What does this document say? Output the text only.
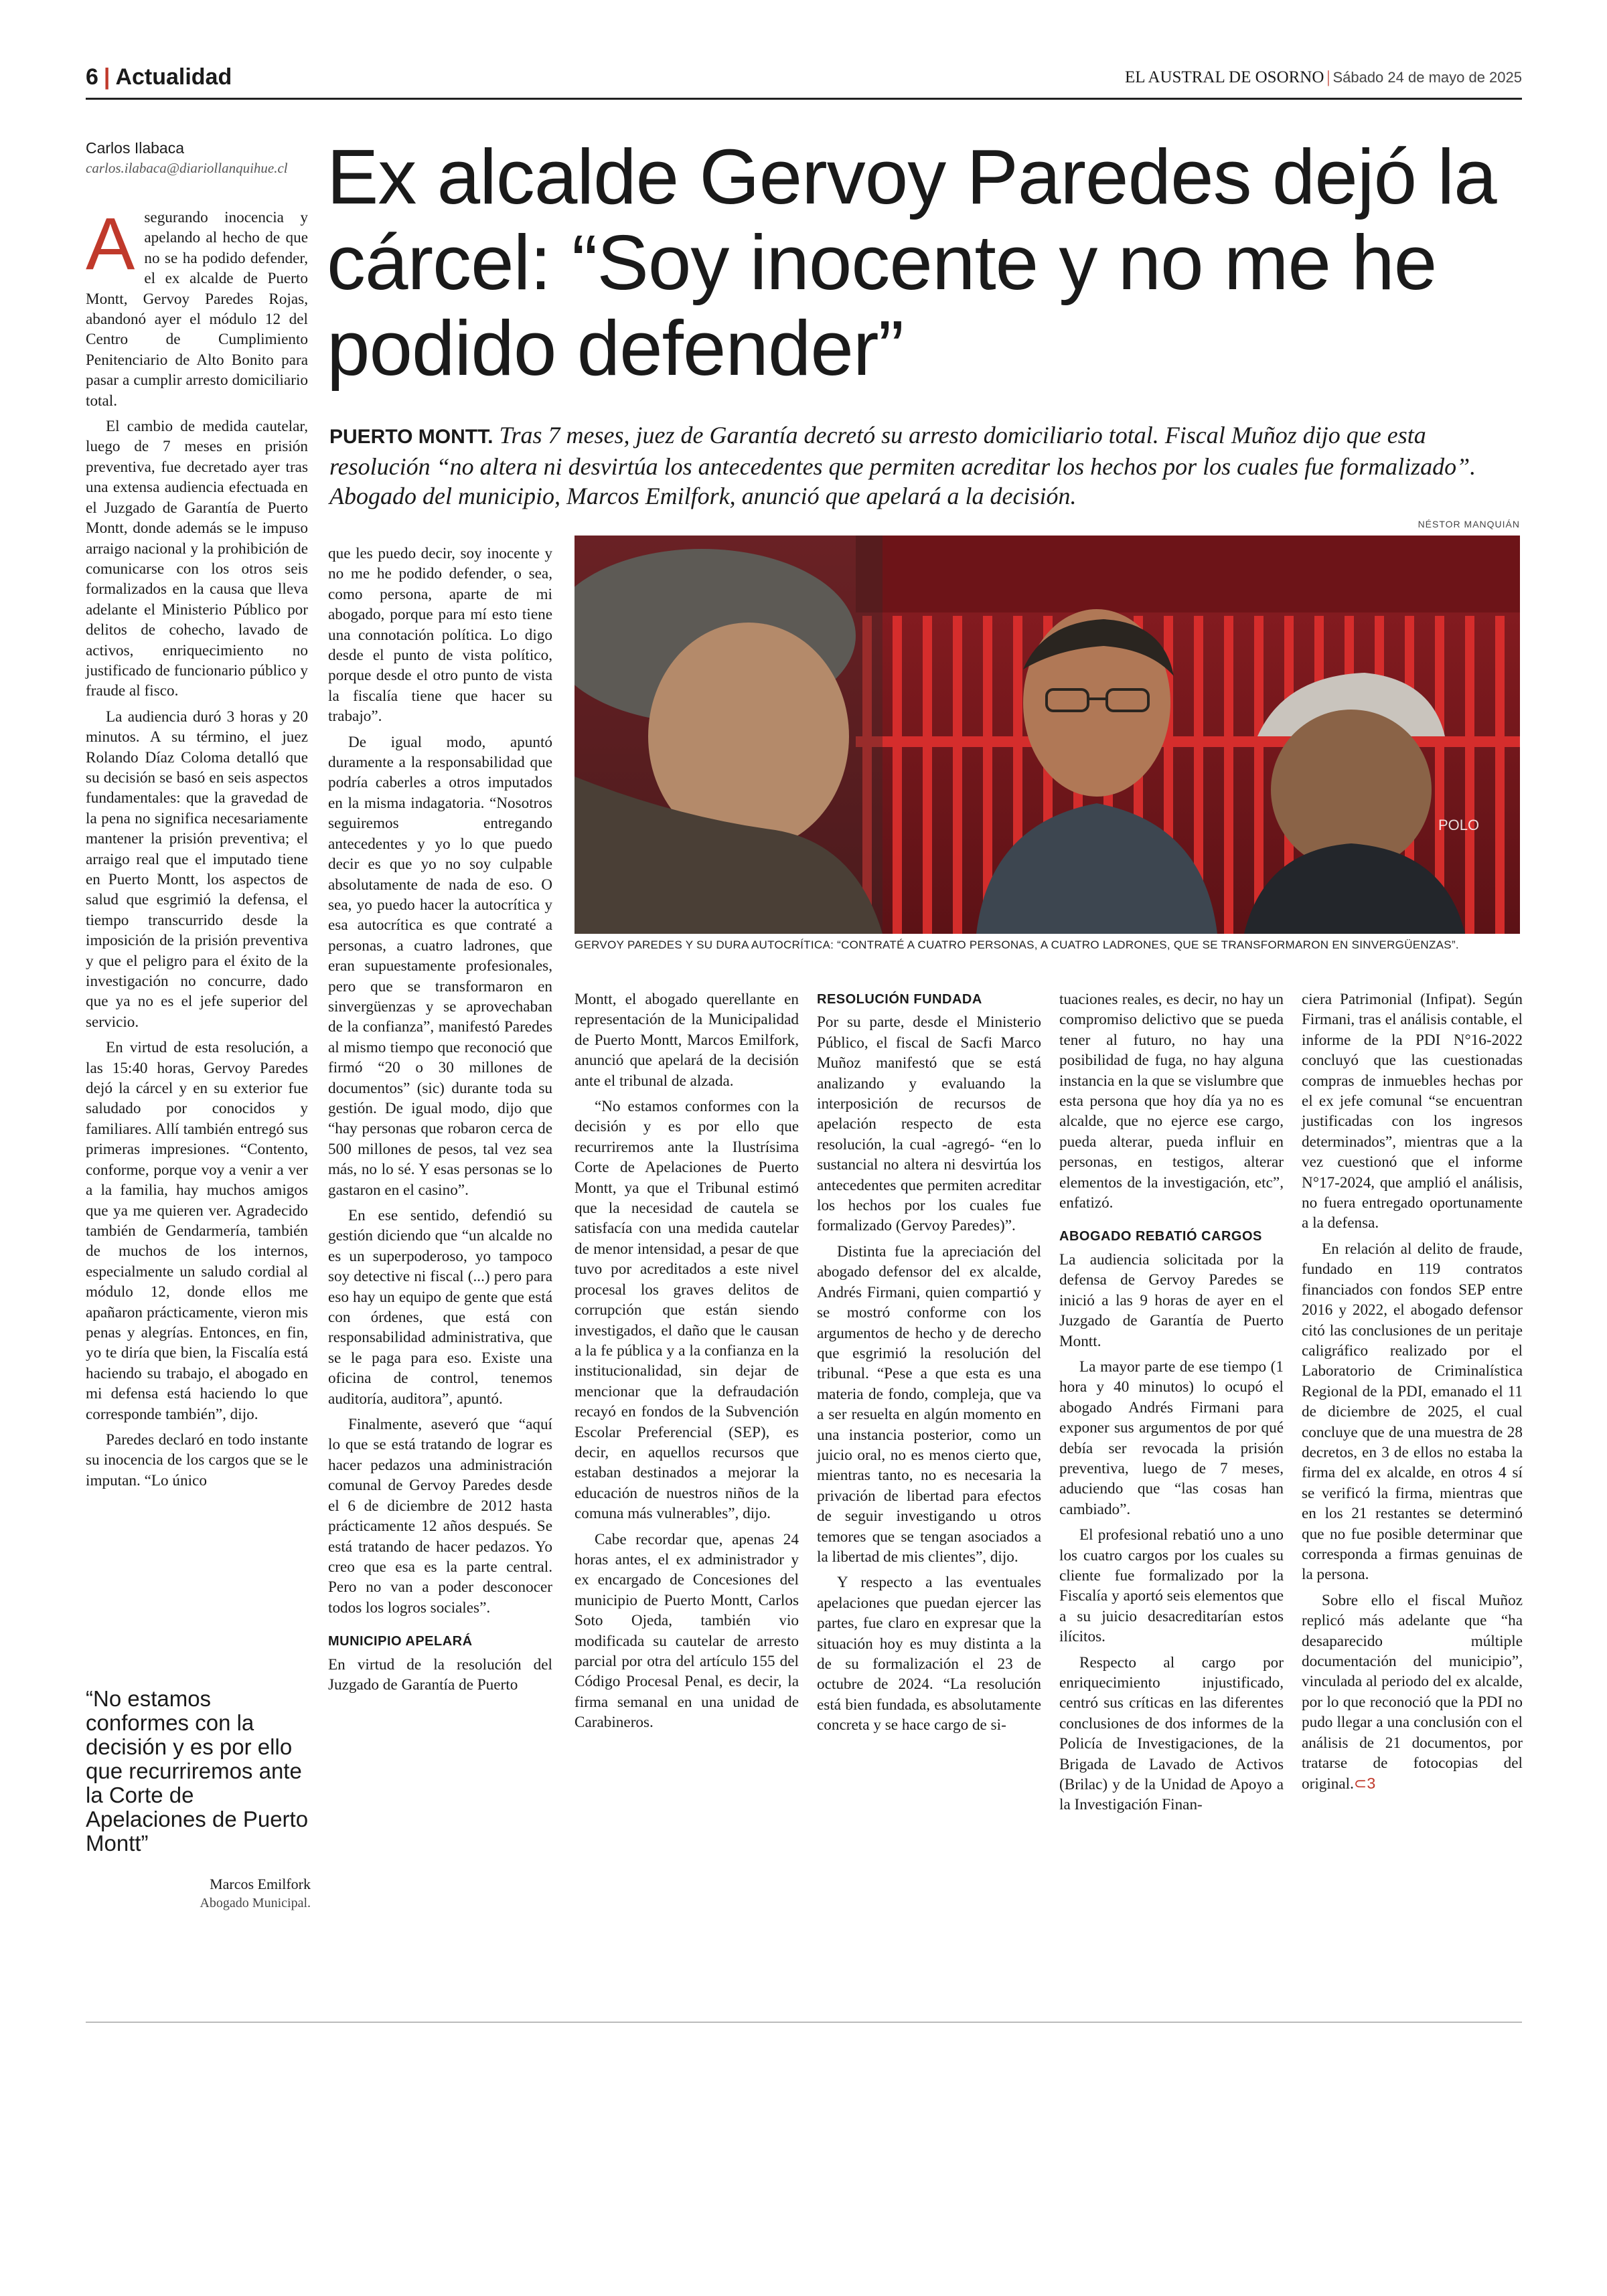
6 | Actualidad	EL AUSTRAL DE OSORNO | Sábado 24 de mayo de 2025
Carlos Ilabaca
carlos.ilabaca@diariollanquihue.cl Ex alcalde Gervoy Paredes dejó la cárcel: “Soy inocente y no me he podido defender”

PUERTO MONTT. Tras 7 meses, juez de Garantía decretó su arresto domiciliario total. Fiscal Muñoz dijo que esta resolución “no altera ni desvirtúa los antecedentes que permiten acreditar los hechos por los cuales fue formalizado”. Abogado del municipio, Marcos Emilfork, anunció que apelará a la decisión.

NÉSTOR MANQUIÁN
POLO
GERVOY PAREDES Y SU DURA AUTOCRÍTICA: “CONTRATÉ A CUATRO PERSONAS, A CUATRO LADRONES, QUE SE TRANSFORMARON EN SINVERGÜENZAS”.

Asegurando inocencia y apelando al hecho de que no se ha podido defender, el ex alcalde de Puerto Montt, Gervoy Paredes Rojas, abandonó ayer el módulo 12 del Centro de Cumplimiento Penitenciario de Alto Bonito para pasar a cumplir arresto domiciliario total.

El cambio de medida cautelar, luego de 7 meses en prisión preventiva, fue decretado ayer tras una extensa audiencia efectuada en el Juzgado de Garantía de Puerto Montt, donde además se le impuso arraigo nacional y la prohibición de comunicarse con los otros seis formalizados en la causa que lleva adelante el Ministerio Público por delitos de cohecho, lavado de activos, enriquecimiento no justificado de funcionario público y fraude al fisco.

La audiencia duró 3 horas y 20 minutos. A su término, el juez Rolando Díaz Coloma detalló que su decisión se basó en seis aspectos fundamentales: que la gravedad de la pena no significa necesariamente mantener la prisión preventiva; el arraigo real que el imputado tiene en Puerto Montt, los aspectos de salud que esgrimió la defensa, el tiempo transcurrido desde la imposición de la prisión preventiva y que el peligro para el éxito de la investigación no concurre, dado que ya no es el jefe superior del servicio.

En virtud de esta resolución, a las 15:40 horas, Gervoy Paredes dejó la cárcel y en su exterior fue saludado por conocidos y familiares. Allí también entregó sus primeras impresiones. “Contento, conforme, porque voy a venir a ver a la familia, hay muchos amigos que ya me quieren ver. Agradecido también de Gendarmería, también de muchos de los internos, especialmente un saludo cordial al módulo 12, donde ellos me apañaron prácticamente, vieron mis penas y alegrías. Entonces, en fin, yo te diría que bien, la Fiscalía está haciendo su trabajo, el abogado en mi defensa está haciendo lo que corresponde también”, dijo.

Paredes declaró en todo instante su inocencia de los cargos que se le imputan. “Lo único

“No estamos conformes con la decisión y es por ello que recurriremos ante la Corte de Apelaciones de Puerto Montt”
Marcos Emilfork
Abogado Municipal.

que les puedo decir, soy inocente y no me he podido defender, o sea, como persona, aparte de mi abogado, porque para mí esto tiene una connotación política. Lo digo desde el punto de vista político, porque desde el otro punto de vista la fiscalía tiene que hacer su trabajo”.

De igual modo, apuntó duramente a la responsabilidad que podría caberles a otros imputados en la misma indagatoria. “Nosotros seguiremos entregando antecedentes y yo lo que puedo decir es que yo no soy culpable absolutamente de nada de eso. O sea, yo puedo hacer la autocrítica y esa autocrítica es que contraté a personas, a cuatro ladrones, que eran supuestamente profesionales, pero que se transformaron en sinvergüenzas y se aprovechaban de la confianza”, manifestó Paredes al mismo tiempo que reconoció que firmó “20 o 30 millones de documentos” (sic) durante toda su gestión. De igual modo, dijo que “hay personas que robaron cerca de 500 millones de pesos, tal vez sea más, no lo sé. Y esas personas se lo gastaron en el casino”.

En ese sentido, defendió su gestión diciendo que “un alcalde no es un superpoderoso, yo tampoco soy detective ni fiscal (...) pero para eso hay un equipo de gente que está con órdenes, que está con responsabilidad administrativa, que se le paga para eso. Existe una oficina de control, tenemos auditoría, auditora”, apuntó.

Finalmente, aseveró que “aquí lo que se está tratando de lograr es hacer pedazos una administración comunal de Gervoy Paredes desde el 6 de diciembre de 2012 hasta prácticamente 12 años después. Se está tratando de hacer pedazos. Yo creo que esa es la parte central. Pero no van a poder desconocer todos los logros sociales”.

MUNICIPIO APELARÁ

En virtud de la resolución del Juzgado de Garantía de Puerto

Montt, el abogado querellante en representación de la Municipalidad de Puerto Montt, Marcos Emilfork, anunció que apelará de la decisión ante el tribunal de alzada.

“No estamos conformes con la decisión y es por ello que recurriremos ante la Ilustrísima Corte de Apelaciones de Puerto Montt, ya que el Tribunal estimó que la necesidad de cautela se satisfacía con una medida cautelar de menor intensidad, a pesar de que tuvo por acreditados a este nivel procesal los graves delitos de corrupción que están siendo investigados, el daño que le causan a la fe pública y a la confianza en la institucionalidad, sin dejar de mencionar que la defraudación recayó en fondos de la Subvención Escolar Preferencial (SEP), es decir, en aquellos recursos que estaban destinados a mejorar la educación de nuestros niños de la comuna más vulnerables”, dijo.

Cabe recordar que, apenas 24 horas antes, el ex administrador y ex encargado de Concesiones del municipio de Puerto Montt, Carlos Soto Ojeda, también vio modificada su cautelar de arresto parcial por otra del artículo 155 del Código Procesal Penal, es decir, la firma semanal en una unidad de Carabineros.

RESOLUCIÓN FUNDADA

Por su parte, desde el Ministerio Público, el fiscal de Sacfi Marco Muñoz manifestó que se está analizando y evaluando la interposición de recursos de apelación respecto de esta resolución, la cual -agregó- “en lo sustancial no altera ni desvirtúa los antecedentes que permiten acreditar los hechos por los cuales fue formalizado (Gervoy Paredes)”.

Distinta fue la apreciación del abogado defensor del ex alcalde, Andrés Firmani, quien compartió y se mostró conforme con los argumentos de hecho y de derecho que esgrimió la resolución del tribunal. “Pese a que esta es una materia de fondo, compleja, que va a ser resuelta en algún momento en una instancia posterior, como un juicio oral, no es menos cierto que, mientras tanto, no es necesaria la privación de libertad para efectos de seguir investigando u otros temores que se tengan asociados a la libertad de mis clientes”, dijo.

Y respecto a las eventuales apelaciones que puedan ejercer las partes, fue claro en expresar que la situación hoy es muy distinta a la de su formalización el 23 de octubre de 2024. “La resolución está bien fundada, es absolutamente concreta y se hace cargo de si-

tuaciones reales, es decir, no hay un compromiso delictivo que se pueda tener al futuro, no hay una posibilidad de fuga, no hay alguna instancia en la que se vislumbre que esta persona que hoy día ya no es alcalde, que no ejerce ese cargo, pueda alterar, pueda influir en personas, en testigos, alterar elementos de la investigación, etc”, enfatizó.

ABOGADO REBATIÓ CARGOS

La audiencia solicitada por la defensa de Gervoy Paredes se inició a las 9 horas de ayer en el Juzgado de Garantía de Puerto Montt.

La mayor parte de ese tiempo (1 hora y 40 minutos) lo ocupó el abogado Andrés Firmani para exponer sus argumentos de por qué debía ser revocada la prisión preventiva, luego de 7 meses, aduciendo que “las cosas han cambiado”.

El profesional rebatió uno a uno los cuatro cargos por los cuales su cliente fue formalizado por la Fiscalía y aportó seis elementos que a su juicio desacreditarían estos ilícitos.

Respecto al cargo por enriquecimiento injustificado, centró sus críticas en las diferentes conclusiones de dos informes de la Policía de Investigaciones, de la Brigada de Lavado de Activos (Brilac) y de la Unidad de Apoyo a la Investigación Finan-

ciera Patrimonial (Infipat). Según Firmani, tras el análisis contable, el informe de la PDI N°16-2022 concluyó que las cuestionadas compras de inmuebles hechas por el ex jefe comunal “se encuentran justificadas con los ingresos determinados”, mientras que a la vez cuestionó que el informe N°17-2024, que amplió el análisis, no fuera entregado oportunamente a la defensa.

En relación al delito de fraude, fundado en 119 contratos financiados con fondos SEP entre 2016 y 2022, el abogado defensor citó las conclusiones de un peritaje caligráfico realizado por el Laboratorio de Criminalística Regional de la PDI, emanado el 11 de diciembre de 2025, el cual concluye que de una muestra de 28 decretos, en 3 de ellos no estaba la firma del ex alcalde, en otros 4 sí se verificó la firma, mientras que en los 21 restantes se determinó que no fue posible determinar que corresponda a firmas genuinas de la persona.

Sobre ello el fiscal Muñoz replicó más adelante que “ha desaparecido múltiple documentación del municipio”, vinculada al periodo del ex alcalde, por lo que reconoció que la PDI no pudo llegar a una conclusión con el análisis de 21 documentos, por tratarse de fotocopias del original.⊂3
